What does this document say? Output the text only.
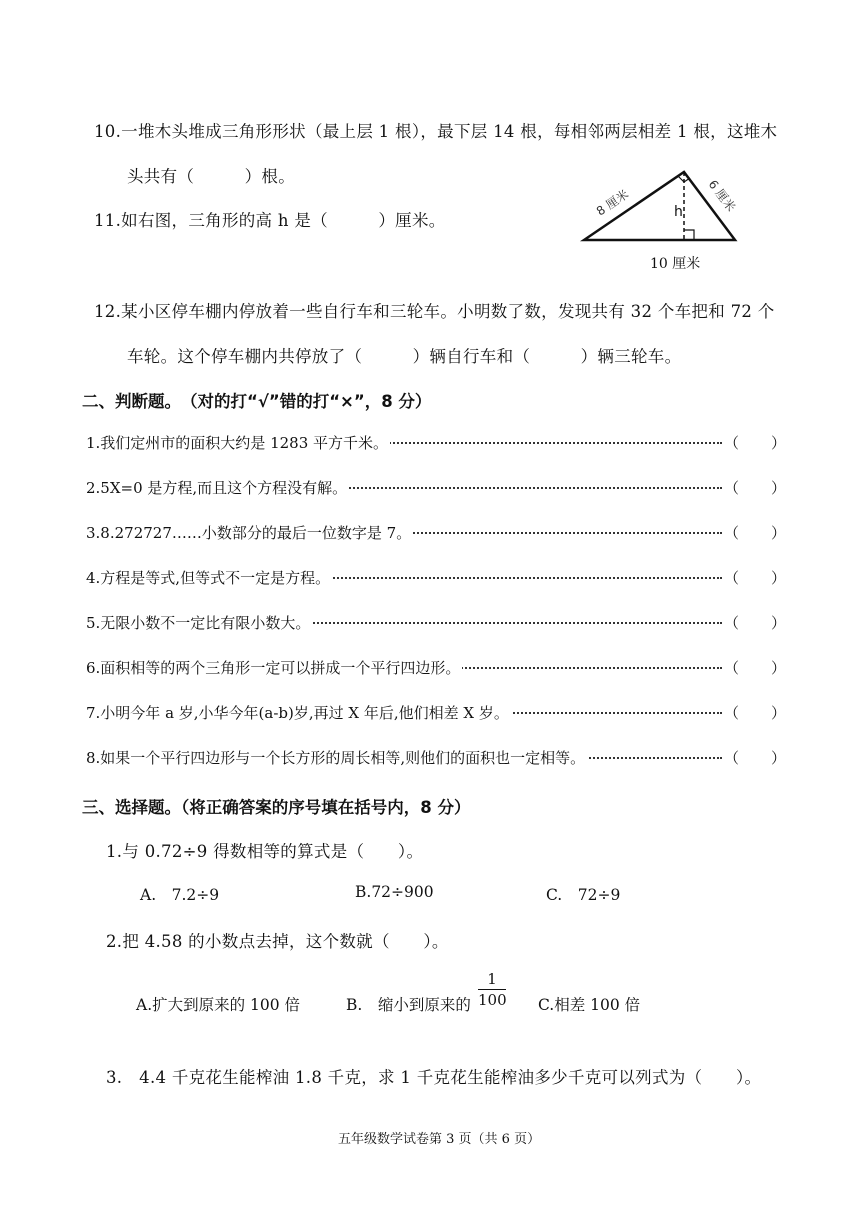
10.一堆木头堆成三角形形状（最上层 1 根），最下层 14 根，每相邻两层相差 1 根，这堆木
头共有（　　　）根。
11.如右图，三角形的高 h 是（　　　）厘米。	h
8 厘米	6 厘米
10 厘米
12.某小区停车棚内停放着一些自行车和三轮车。小明数了数，发现共有 32 个车把和 72 个
车轮。这个停车棚内共停放了（　　　）辆自行车和（　　　）辆三轮车。
二、判断题。　（对的打“√”错的打“×”，8 分）
1.我们定州市的面积大约是 1283 平方千米。	（ ）
2.5X=0 是方程,而且这个方程没有解。	（ ）
3.8.272727……小数部分的最后一位数字是 7。	（ ）
4.方程是等式,但等式不一定是方程。	（ ）
5.无限小数不一定比有限小数大。	（ ）
6.面积相等的两个三角形一定可以拼成一个平行四边形。	（ ）
7.小明今年 a 岁,小华今年(a-b)岁,再过 X 年后,他们相差 X 岁。	（ ）
8.如果一个平行四边形与一个长方形的周长相等,则他们的面积也一定相等。	（ ）
三、选择题。（将正确答案的序号填在括号内，8 分）
1.与 0.72÷9 得数相等的算式是（　　）。
A.　7.2÷9	B.72÷900	C.　72÷9
2.把 4.58 的小数点去掉，这个数就（　　）。
A.扩大到原来的 100 倍	B.　缩小到原来的 $\frac{1}{100} C$.相差 100 倍
3.　4.4 千克花生能榨油 1.8 千克，求 1 千克花生能榨油多少千克可以列式为（　　）。
五年级数学试卷第 3 页（共 6 页）
